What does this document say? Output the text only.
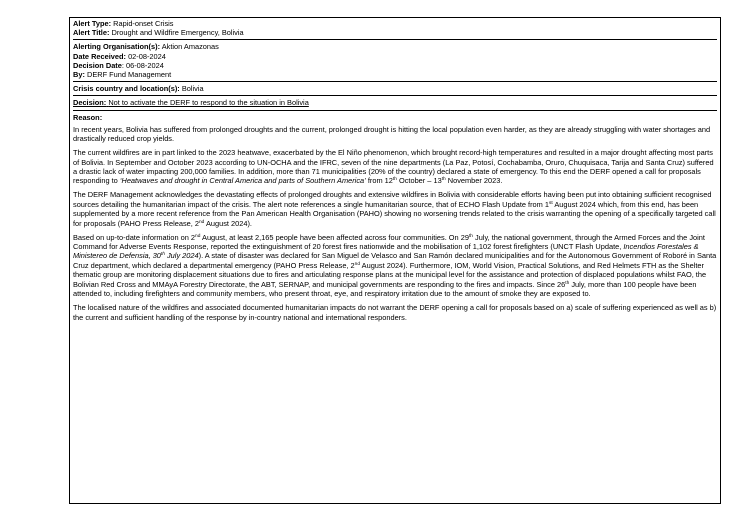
Alert Type: Rapid-onset Crisis
Alert Title: Drought and Wildfire Emergency, Bolivia
Alerting Organisation(s): Aktion Amazonas
Date Received: 02-08-2024
Decision Date: 06-08-2024
By: DERF Fund Management
Crisis country and location(s): Bolivia
Decision: Not to activate the DERF to respond to the situation in Bolivia
Reason:

In recent years, Bolivia has suffered from prolonged droughts and the current, prolonged drought is hitting the local population even harder, as they are already struggling with water shortages and drastically reduced crop yields.

The current wildfires are in part linked to the 2023 heatwave, exacerbated by the El Niño phenomenon, which brought record-high temperatures and resulted in a major drought affecting most parts of Bolivia. In September and October 2023 according to UN-OCHA and the IFRC, seven of the nine departments (La Paz, Potosí, Cochabamba, Oruro, Chuquisaca, Tarija and Santa Cruz) suffered a drastic lack of water impacting 200,000 families. In addition, more than 71 municipalities (20% of the country) declared a state of emergency. To this end the DERF opened a call for proposals responding to ‘Heatwaves and drought in Central America and parts of Southern America’ from 12th October – 13th November 2023.

The DERF Management acknowledges the devastating effects of prolonged droughts and extensive wildfires in Bolivia with considerable efforts having been put into obtaining sufficient recognised sources detailing the humanitarian impact of the crisis. The alert note references a single humanitarian source, that of ECHO Flash Update from 1st August 2024 which, from this end, has been supplemented by a more recent reference from the Pan American Health Organisation (PAHO) showing no worsening trends related to the crisis warranting the opening of a specifically targeted call for proposals (PAHO Press Release, 2nd August 2024).

Based on up-to-date information on 2nd August, at least 2,165 people have been affected across four communities. On 29th July, the national government, through the Armed Forces and the Joint Command for Adverse Events Response, reported the extinguishment of 20 forest fires nationwide and the mobilisation of 1,102 forest firefighters (UNCT Flash Update, Incendios Forestales & Ministereo de Defensia, 30th July 2024). A state of disaster was declared for San Miguel de Velasco and San Ramón declared municipalities and for the Autonomous Government of Roboré in Santa Cruz department, which declared a departmental emergency (PAHO Press Release, 2nd August 2024). Furthermore, IOM, World Vision, Practical Solutions, and Red Helmets FTH as the Shelter thematic group are monitoring displacement situations due to fires and articulating response plans at the municipal level for the assistance and protection of displaced populations whilst FAO, the Bolivian Red Cross and MMAyA Forestry Directorate, the ABT, SERNAP, and municipal governments are responding to the fires and impacts. Since 26th July, more than 100 people have been attended to, including firefighters and community members, who present throat, eye, and respiratory irritation due to the amount of smoke they are exposed to.

The localised nature of the wildfires and associated documented humanitarian impacts do not warrant the DERF opening a call for proposals based on a) scale of suffering experienced as well as b) the current and sufficient handling of the response by in-country national and international responders.
